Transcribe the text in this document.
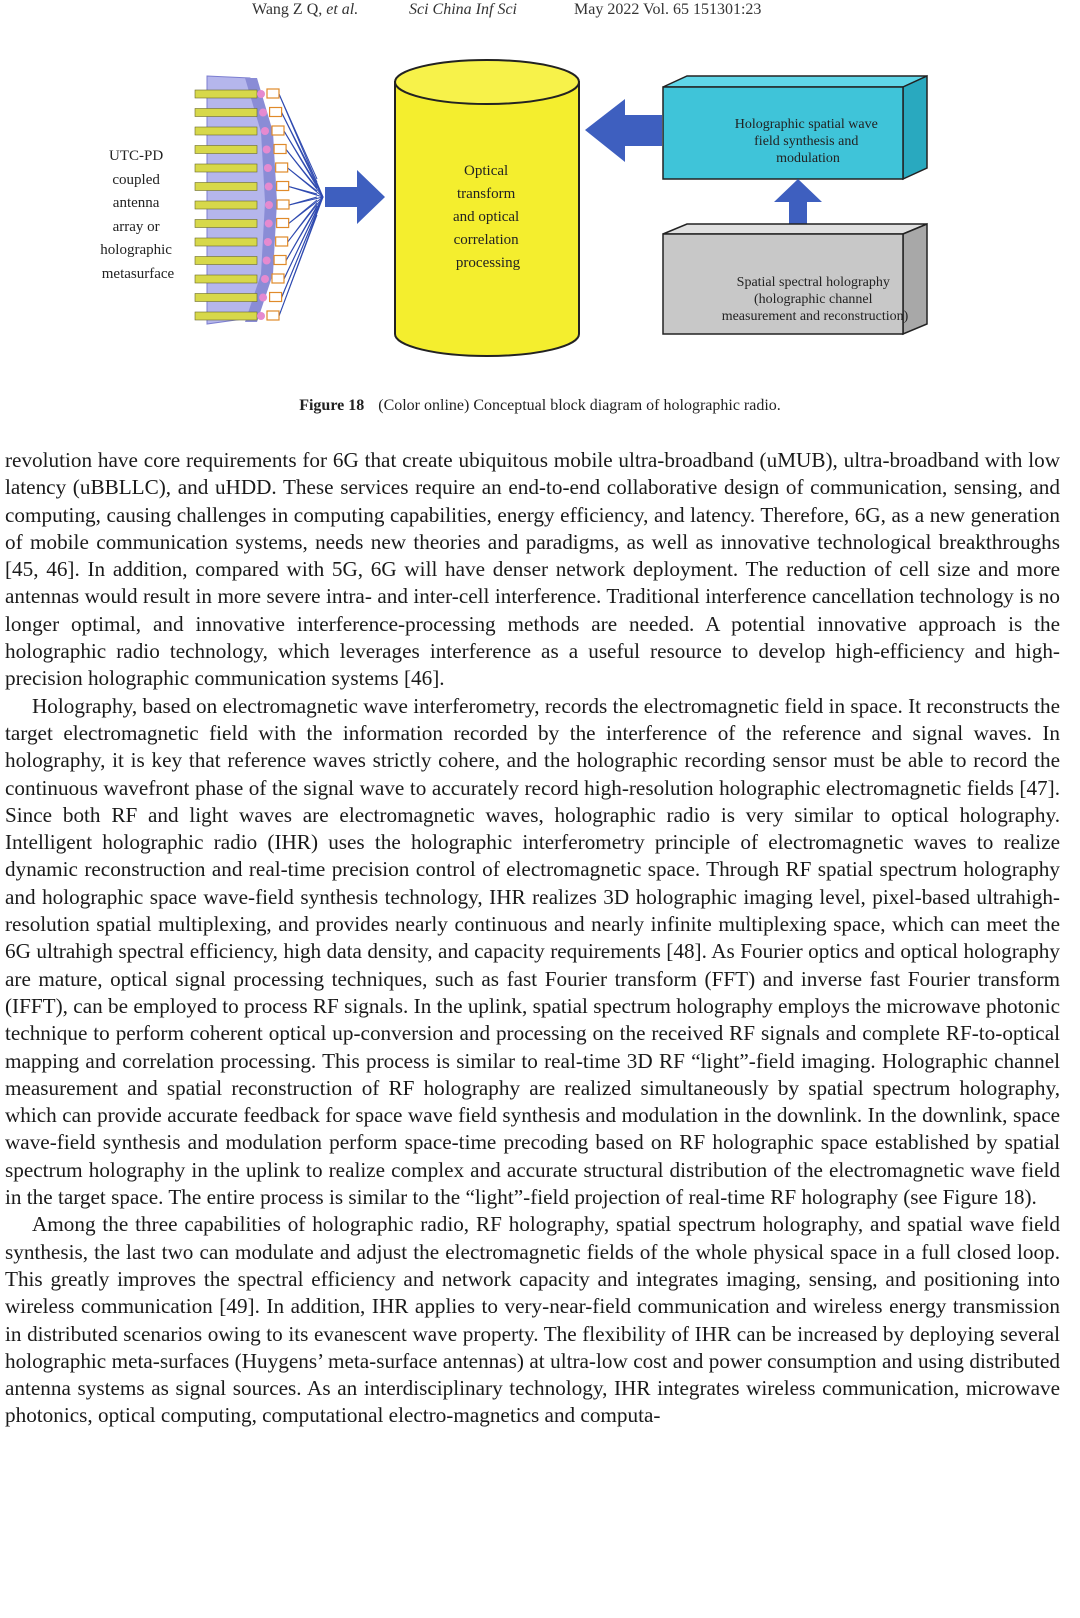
Wang Z Q, et al.	Sci China Inf Sci	May 2022 Vol. 65 151301:23
UTC-PD coupled antenna array or holographic metasurface
Optical transform and optical correlation processing
Holographic spatial wave field synthesis and modulation
Spatial spectral holography (holographic channel measurement and reconstruction)
Figure 18 (Color online) Conceptual block diagram of holographic radio.

revolution have core requirements for 6G that create ubiquitous mobile ultra-broadband (uMUB), ultra-broadband with low latency (uBBLLC), and uHDD. These services require an end-to-end collaborative design of communication, sensing, and computing, causing challenges in computing capabilities, energy efficiency, and latency. Therefore, 6G, as a new generation of mobile communication systems, needs new theories and paradigms, as well as innovative technological breakthroughs [45, 46]. In addition, compared with 5G, 6G will have denser network deployment. The reduction of cell size and more antennas would result in more severe intra- and inter-cell interference. Traditional interference cancellation technology is no longer optimal, and innovative interference-processing methods are needed. A potential innovative approach is the holographic radio technology, which leverages interference as a useful resource to develop high-efficiency and high-precision holographic communication systems [46].

Holography, based on electromagnetic wave interferometry, records the electromagnetic field in space. It reconstructs the target electromagnetic field with the information recorded by the interference of the reference and signal waves. In holography, it is key that reference waves strictly cohere, and the holographic recording sensor must be able to record the continuous wavefront phase of the signal wave to accurately record high-resolution holographic electromagnetic fields [47]. Since both RF and light waves are electromagnetic waves, holographic radio is very similar to optical holography. Intelligent holographic radio (IHR) uses the holographic interferometry principle of electromagnetic waves to realize dynamic reconstruction and real-time precision control of electromagnetic space. Through RF spatial spectrum holography and holographic space wave-field synthesis technology, IHR realizes 3D holographic imaging level, pixel-based ultrahigh-resolution spatial multiplexing, and provides nearly continuous and nearly infinite multiplexing space, which can meet the 6G ultrahigh spectral efficiency, high data density, and capacity requirements [48]. As Fourier optics and optical holography are mature, optical signal processing techniques, such as fast Fourier transform (FFT) and inverse fast Fourier transform (IFFT), can be employed to process RF signals. In the uplink, spatial spectrum holography employs the microwave photonic technique to perform coherent optical up-conversion and processing on the received RF signals and complete RF-to-optical mapping and correlation processing. This process is similar to real-time 3D RF “light”-field imaging. Holographic channel measurement and spatial reconstruction of RF holography are realized simultaneously by spatial spectrum holography, which can provide accurate feedback for space wave field synthesis and modulation in the downlink. In the downlink, space wave-field synthesis and modulation perform space-time precoding based on RF holographic space established by spatial spectrum holography in the uplink to realize complex and accurate structural distribution of the electromagnetic wave field in the target space. The entire process is similar to the “light”-field projection of real-time RF holography (see Figure 18).

Among the three capabilities of holographic radio, RF holography, spatial spectrum holography, and spatial wave field synthesis, the last two can modulate and adjust the electromagnetic fields of the whole physical space in a full closed loop. This greatly improves the spectral efficiency and network capacity and integrates imaging, sensing, and positioning into wireless communication [49]. In addition, IHR applies to very-near-field communication and wireless energy transmission in distributed scenarios owing to its evanescent wave property. The flexibility of IHR can be increased by deploying several holographic meta-surfaces (Huygens’ meta-surface antennas) at ultra-low cost and power consumption and using distributed antenna systems as signal sources. As an interdisciplinary technology, IHR integrates wireless communication, microwave photonics, optical computing, computational electro-magnetics and computa-
